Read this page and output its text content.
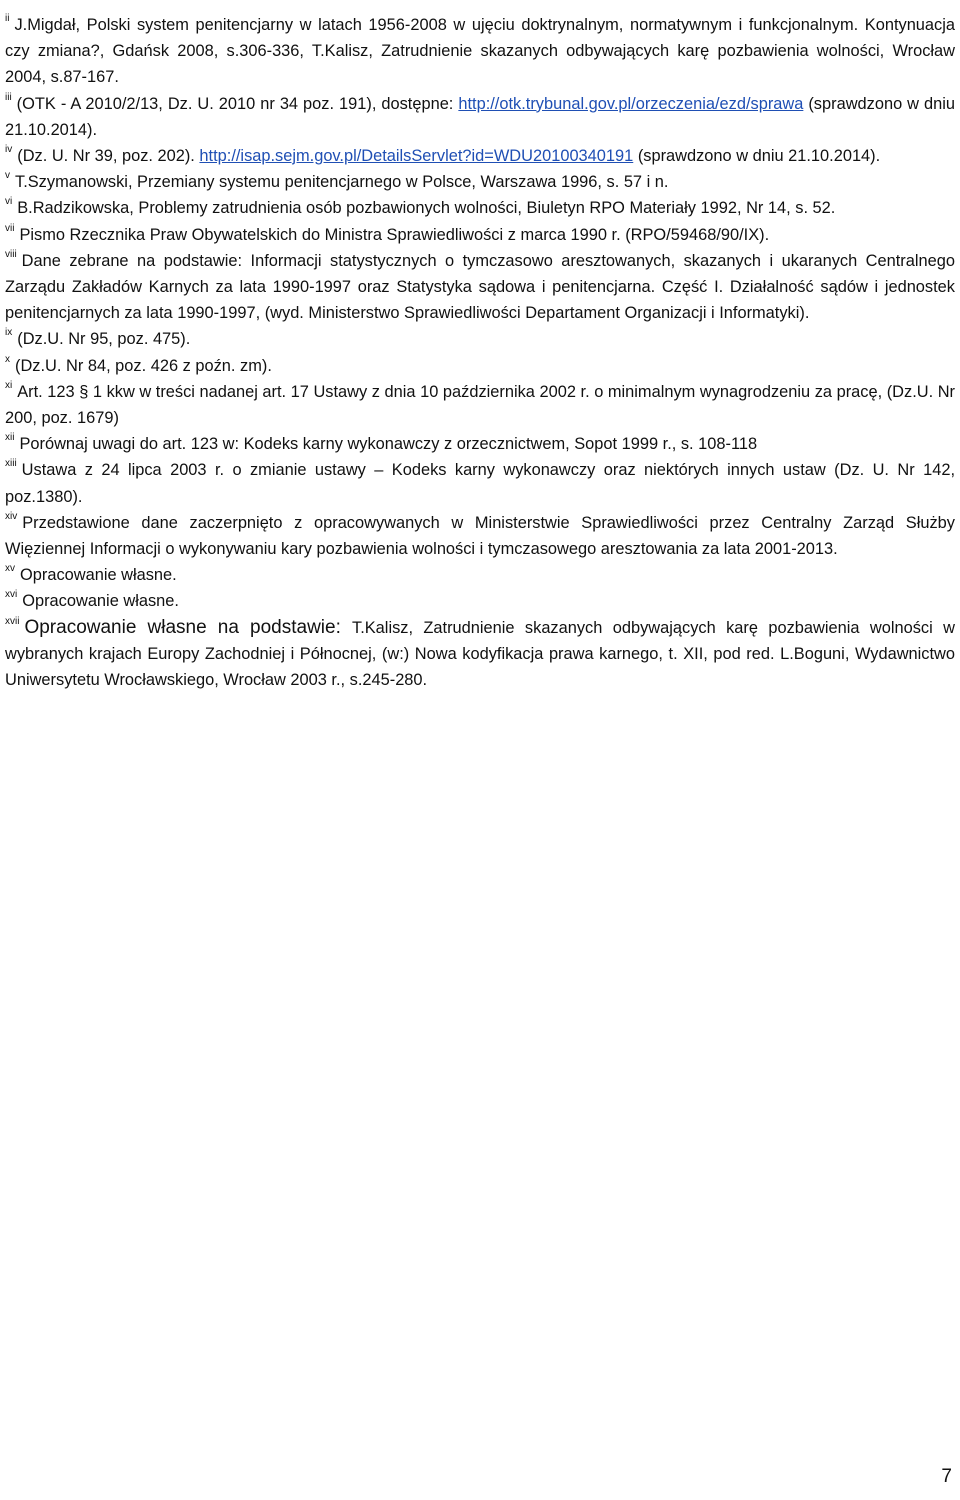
$^{ii}$ J.Migdał, Polski system penitencjarny w latach 1956-2008 w ujęciu doktrynalnym, normatywnym i funkcjonalnym. Kontynuacja czy zmiana?, Gdańsk 2008, s.306-336, T.Kalisz, Zatrudnienie skazanych odbywających karę pozbawienia wolności, Wrocław 2004, s.87-167.

$^{iii}$ (OTK - A 2010/2/13, Dz. U. 2010 nr 34 poz. 191), dostępne: http://otk.trybunal.gov.pl/orzeczenia/ezd/sprawa (sprawdzono w dniu 21.10.2014).

$^{iv}$ (Dz. U. Nr 39, poz. 202). http://isap.sejm.gov.pl/DetailsServlet?id=WDU20100340191 (sprawdzono w dniu 21.10.2014).

$^v$ T.Szymanowski, Przemiany systemu penitencjarnego w Polsce, Warszawa 1996, s. 57 i n.

$^{vi}$ B.Radzikowska, Problemy zatrudnienia osób pozbawionych wolności, Biuletyn RPO Materiały 1992, Nr 14, s. 52.

$^{vii}$ Pismo Rzecznika Praw Obywatelskich do Ministra Sprawiedliwości z marca 1990 r. (RPO/59468/90/IX).

$^{viii}$ Dane zebrane na podstawie: Informacji statystycznych o tymczasowo aresztowanych, skazanych i ukaranych Centralnego Zarządu Zakładów Karnych za lata 1990-1997 oraz Statystyka sądowa i penitencjarna. Część I. Działalność sądów i jednostek penitencjarnych za lata 1990-1997, (wyd. Ministerstwo Sprawiedliwości Departament Organizacji i Informatyki).

$^{ix}$ (Dz.U. Nr 95, poz. 475).

$^x$ (Dz.U. Nr 84, poz. 426 z poźn. zm).

$^{xi}$ Art. 123 § 1 kkw w treści nadanej art. 17 Ustawy z dnia 10 października 2002 r. o minimalnym wynagrodzeniu za pracę, (Dz.U. Nr 200, poz. 1679)

$^{xii}$ Porównaj uwagi do art. 123 w: Kodeks karny wykonawczy z orzecznictwem, Sopot 1999 r., s. 108-118

$^{xiii}$ Ustawa z 24 lipca 2003 r. o zmianie ustawy – Kodeks karny wykonawczy oraz niektórych innych ustaw (Dz. U. Nr 142, poz.1380).

$^{xiv}$ Przedstawione dane zaczerpnięto z opracowywanych w Ministerstwie Sprawiedliwości przez Centralny Zarząd Służby Więziennej Informacji o wykonywaniu kary pozbawienia wolności i tymczasowego aresztowania za lata 2001-2013.

$^{xv}$ Opracowanie własne.

$^{xvi}$ Opracowanie własne.

$^{xvii}$ Opracowanie własne na podstawie: T.Kalisz, Zatrudnienie skazanych odbywających karę pozbawienia wolności w wybranych krajach Europy Zachodniej i Północnej, (w:) Nowa kodyfikacja prawa karnego, t. XII, pod red. L.Boguni, Wydawnictwo Uniwersytetu Wrocławskiego, Wrocław 2003 r., s.245-280.

7
